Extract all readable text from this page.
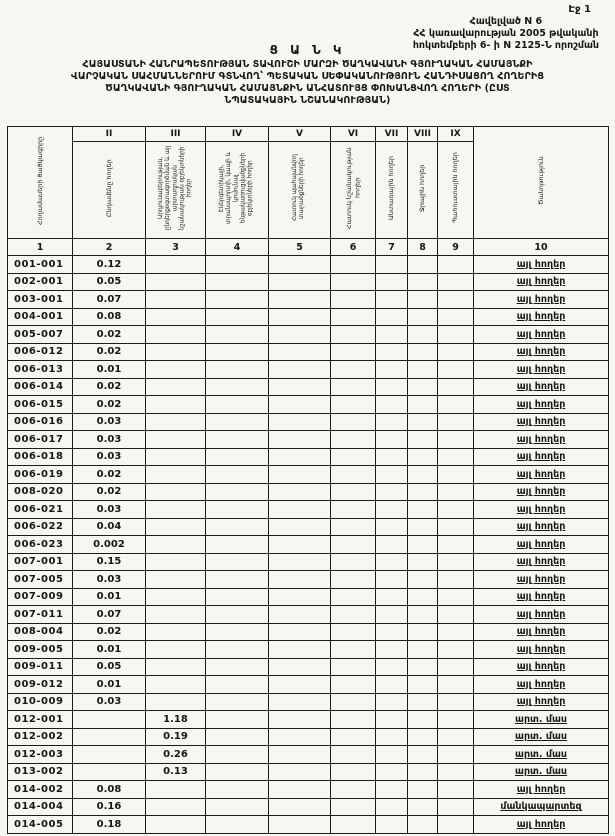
Էջ 1
Հավելված N 6
ՀՀ կառավարության 2005 թվականի
հոկտեմբերի 6- ի N 2125-Ն որոշման
Ց Ա Ն Կ
ՀԱՅԱՍՏԱՆԻ ՀԱՆՐԱՊԵՏՈՒԹՅԱՆ ՏԱՎՈՒՇԻ ՄԱՐԶԻ ԾԱՂԿԱՎԱՆԻ ԳՅՈՒՂԱԿԱՆ ՀԱՄԱՅՆՔԻ
ՎԱՐՉԱԿԱՆ ՍԱՀՄԱՆՆԵՐՈՒՄ ԳՏՆՎՈՂ՝ ՊԵՏԱԿԱՆ ՍԵՓԱԿԱՆՈՒԹՅՈՒՆ ՀԱՆԴԻՍԱՑՈՂ ՀՈՂԵՐԻՑ
ԾԱՂԿԱՎԱՆԻ ԳՅՈՒՂԱԿԱՆ ՀԱՄԱՅՆՔԻՆ ԱՆՀԱՏՈՒՅՑ ՓՈԽԱՆՑՎՈՂ ՀՈՂԵՐԻ (ԸՍՏ
ՆՊԱՏԱԿԱՅԻՆ ՆՇԱՆԱԿՈՒԹՅԱՆ)
Հողամասերի ծածկագիրը	II	III	IV	V	VI	VII	VIII	IX	Ծանոթություն
	Ընդամենը հողեր	Արդյունաբերության, ընդերքօգտագործման և այլ արտադրական նշանակության օբյեկտների հողեր	Էներգետիկայի, տրանսպորտի, կապի և կոմունալ ենթակառուցվածքների օբյեկտների հողեր	Հատուկ պահպանվող տարածքների հողեր	Հատուկ նշանակության հողեր	Անտառային հողեր	Ջրային հողեր	Պահուստային հողեր	
1	2	3	4	5	6	7	8	9	10
001-001	0.12								այլ հողեր
002-001	0.05								այլ հողեր
003-001	0.07								այլ հողեր
004-001	0.08								այլ հողեր
005-007	0.02								այլ հողեր
006-012	0.02								այլ հողեր
006-013	0.01								այլ հողեր
006-014	0.02								այլ հողեր
006-015	0.02								այլ հողեր
006-016	0.03								այլ հողեր
006-017	0.03								այլ հողեր
006-018	0.03								այլ հողեր
006-019	0.02								այլ հողեր
008-020	0.02								այլ հողեր
006-021	0.03								այլ հողեր
006-022	0.04								այլ հողեր
006-023	0.002								այլ հողեր
007-001	0.15								այլ հողեր
007-005	0.03								այլ հողեր
007-009	0.01								այլ հողեր
007-011	0.07								այլ հողեր
008-004	0.02								այլ հողեր
009-005	0.01								այլ հողեր
009-011	0.05								այլ հողեր
009-012	0.01								այլ հողեր
010-009	0.03								այլ հողեր
012-001		1.18							արտ. մաս
012-002		0.19							արտ. մաս
012-003		0.26							արտ. մաս
013-002		0.13							արտ. մաս
014-002	0.08								այլ հողեր
014-004	0.16								մանկապարտեզ
014-005	0.18								այլ հողեր
